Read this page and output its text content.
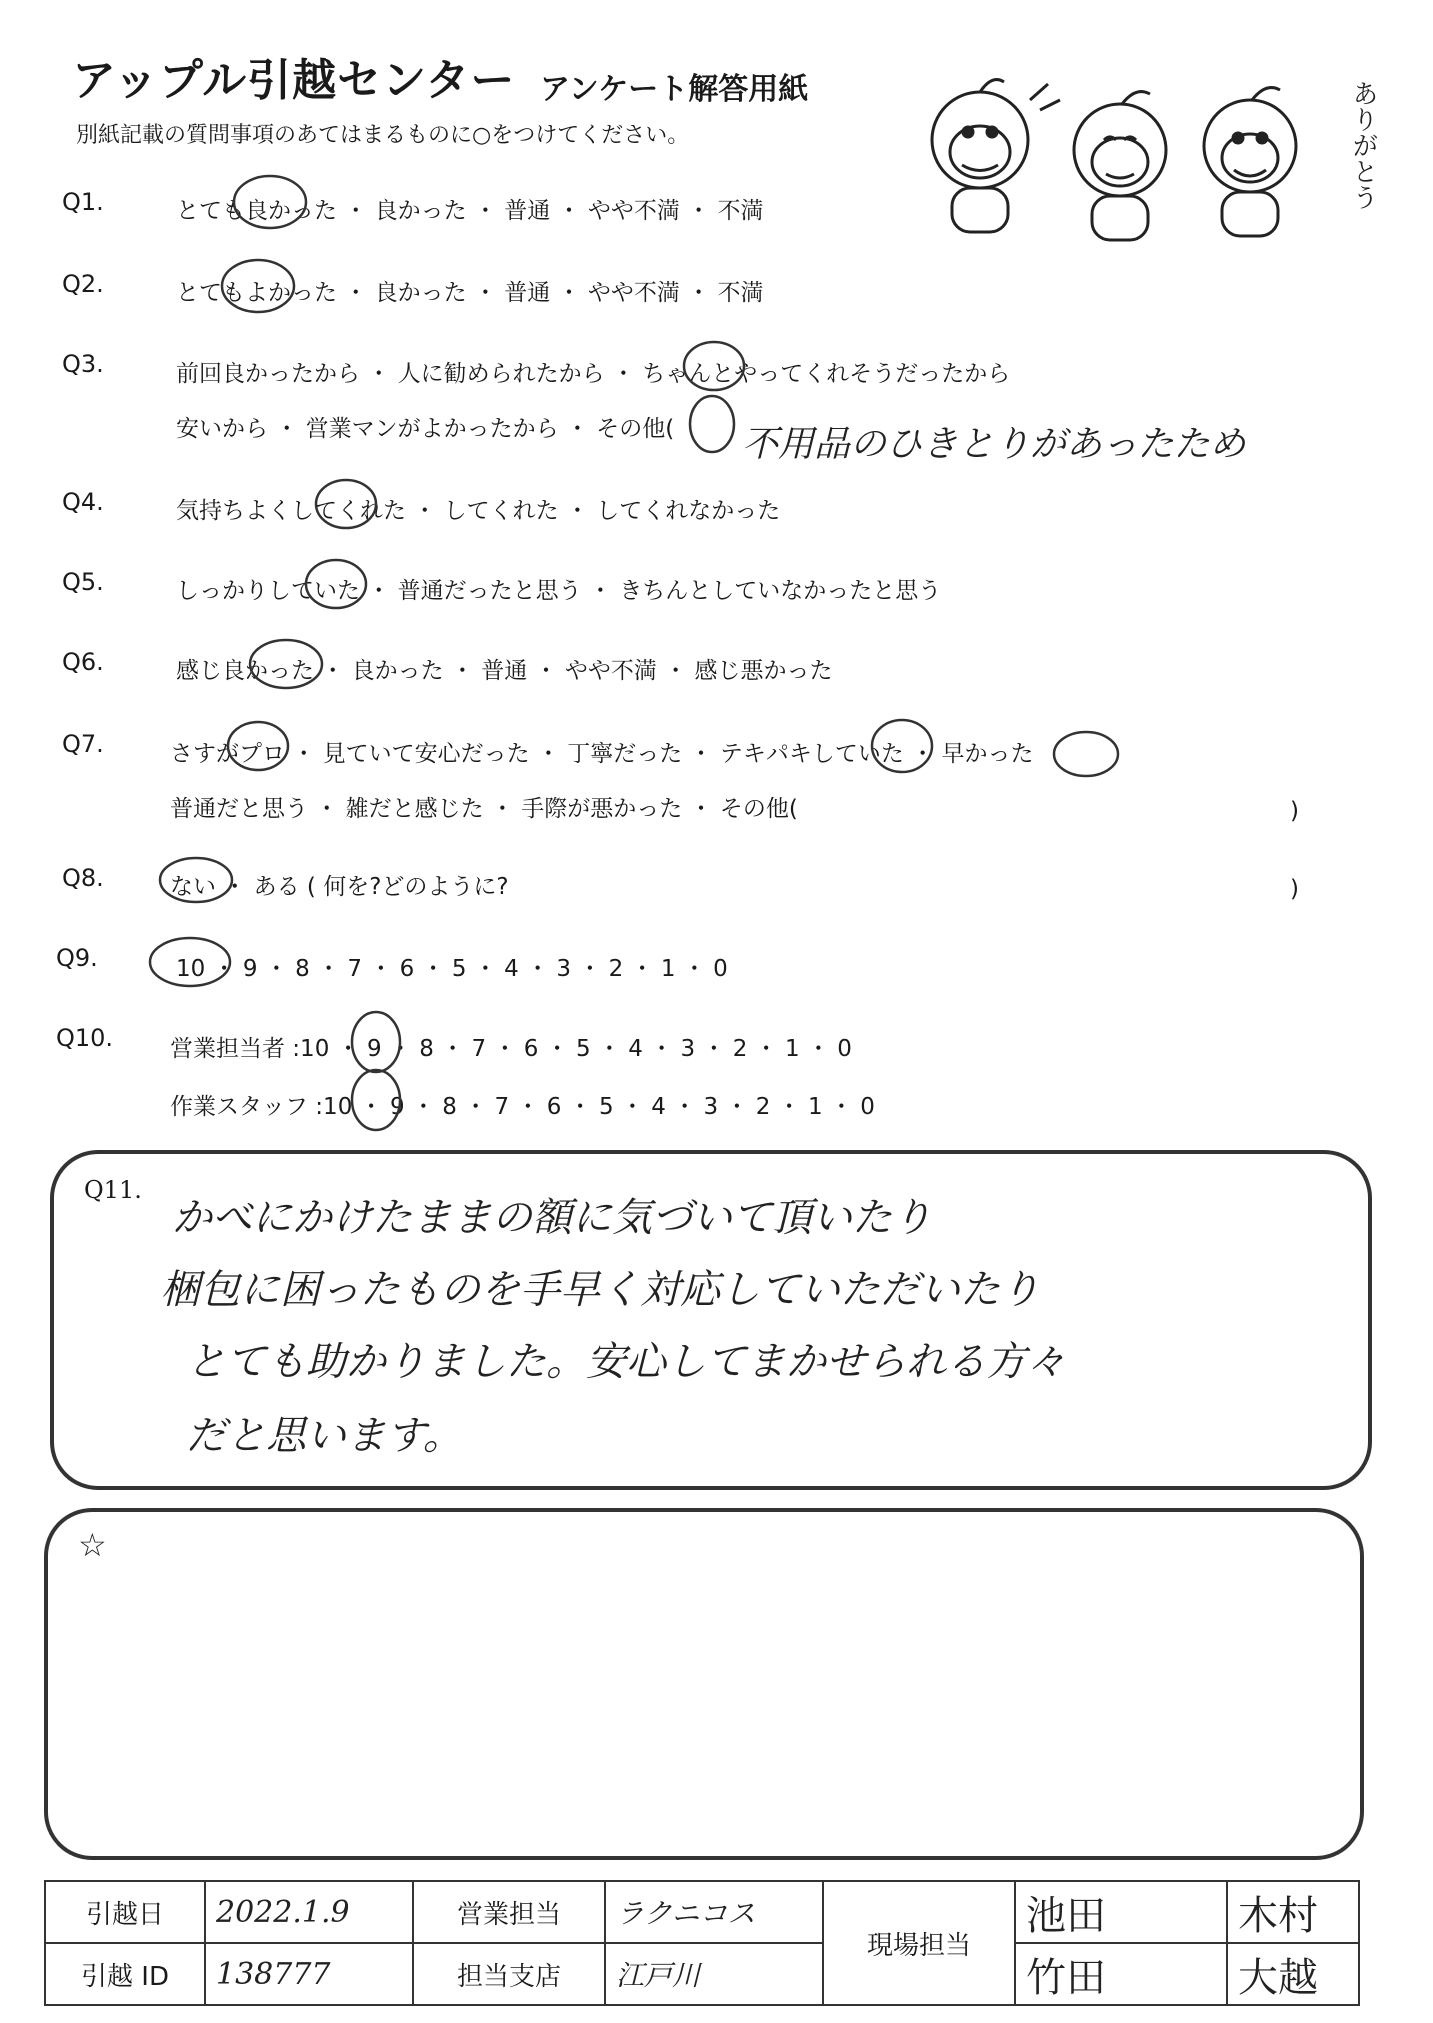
アップル引越センター アンケート解答用紙
別紙記載の質問事項のあてはまるものに○をつけてください。	ありがとう
Q1.	とても良かった ・ 良かった ・ 普通 ・ やや不満 ・ 不満
Q2.	とてもよかった ・ 良かった ・ 普通 ・ やや不満 ・ 不満
Q3.	前回良かったから ・ 人に勧められたから ・ ちゃんとやってくれそうだったから
安いから ・ 営業マンがよかったから ・ その他( 不用品のひきとりがあったため
Q4.	気持ちよくしてくれた ・ してくれた ・ してくれなかった
Q5.	しっかりしていた ・ 普通だったと思う ・ きちんとしていなかったと思う
Q6.	感じ良かった ・ 良かった ・ 普通 ・ やや不満 ・ 感じ悪かった
Q7.	さすがプロ ・ 見ていて安心だった ・ 丁寧だった ・ テキパキしていた ・ 早かった
普通だと思う ・ 雑だと感じた ・ 手際が悪かった ・ その他(	)
Q8.	ない ・ ある ( 何を?どのように?	)
Q9.	10 ・ 9 ・ 8 ・ 7 ・ 6 ・ 5 ・ 4 ・ 3 ・ 2 ・ 1 ・ 0
Q10. 営業担当者 :10 ・ 9 ・ 8 ・ 7 ・ 6 ・ 5 ・ 4 ・ 3 ・ 2 ・ 1 ・ 0
作業スタッフ :10 ・ 9 ・ 8 ・ 7 ・ 6 ・ 5 ・ 4 ・ 3 ・ 2 ・ 1 ・ 0
Q11.
かべにかけたままの額に気づいて頂いたり
梱包に困ったものを手早く対応していただいたり
とても助かりました。安心してまかせられる方々
だと思います。
☆
引越日	2022.1.9	営業担当	ラクニコス	現場担当	池田	木村
引越 ID	138777	担当支店	江戸川		竹田	大越
